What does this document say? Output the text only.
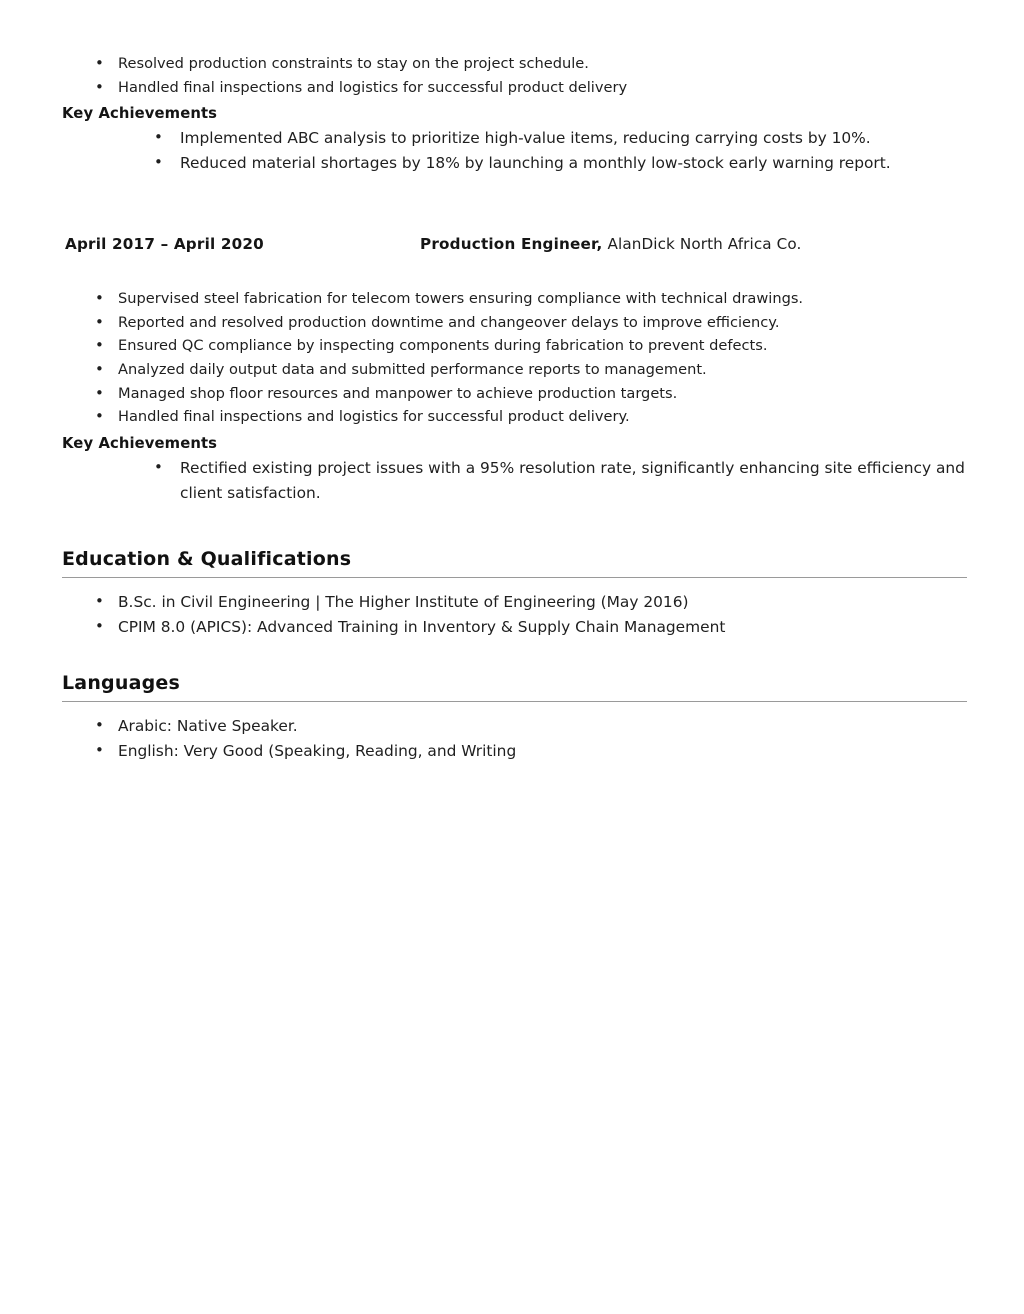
• Resolved production constraints to stay on the project schedule.
• Handled final inspections and logistics for successful product delivery
Key Achievements
• Implemented ABC analysis to prioritize high-value items, reducing carrying costs by 10%.
• Reduced material shortages by 18% by launching a monthly low-stock early warning report.
April 2017 – April 2020	Production Engineer, AlanDick North Africa Co.
• Supervised steel fabrication for telecom towers ensuring compliance with technical drawings.
• Reported and resolved production downtime and changeover delays to improve efficiency.
• Ensured QC compliance by inspecting components during fabrication to prevent defects.
• Analyzed daily output data and submitted performance reports to management.
• Managed shop floor resources and manpower to achieve production targets.
• Handled final inspections and logistics for successful product delivery.
Key Achievements
• Rectified existing project issues with a 95% resolution rate, significantly enhancing site efficiency and client satisfaction.
Education & Qualifications
• B.Sc. in Civil Engineering | The Higher Institute of Engineering (May 2016)
• CPIM 8.0 (APICS): Advanced Training in Inventory & Supply Chain Management
Languages
• Arabic: Native Speaker.
• English: Very Good (Speaking, Reading, and Writing
